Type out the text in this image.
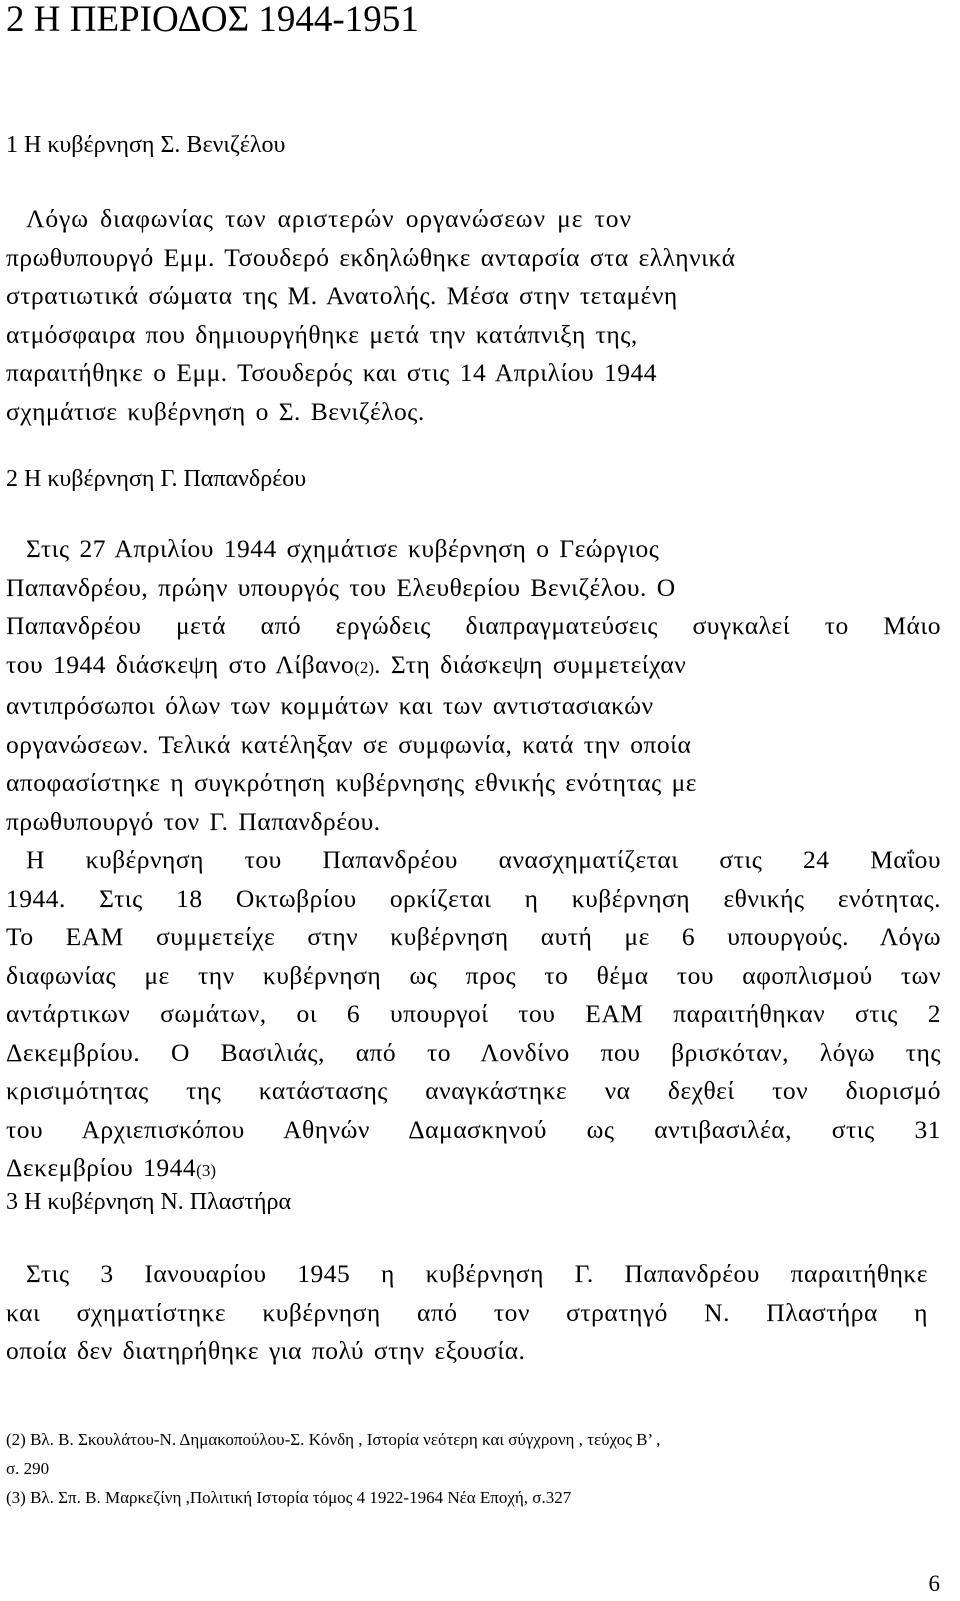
2 Η ΠΕΡΙΟΔΟΣ 1944-1951
1 Η κυβέρνηση Σ. Βενιζέλου
Λόγω διαφωνίας των αριστερών οργανώσεων με τον
πρωθυπουργό Εμμ. Τσουδερό εκδηλώθηκε ανταρσία στα ελληνικά
στρατιωτικά σώματα της Μ. Ανατολής. Μέσα στην τεταμένη
ατμόσφαιρα που δημιουργήθηκε μετά την κατάπνιξη της,
παραιτήθηκε ο Εμμ. Τσουδερός και στις 14 Απριλίου 1944
σχημάτισε κυβέρνηση ο Σ. Βενιζέλος.
2 Η κυβέρνηση Γ. Παπανδρέου
Στις 27 Απριλίου 1944 σχημάτισε κυβέρνηση ο Γεώργιος
Παπανδρέου, πρώην υπουργός του Ελευθερίου Βενιζέλου. Ο
Παπανδρέου μετά από εργώδεις διαπραγματεύσεις συγκαλεί το Μάιο
του 1944 διάσκεψη στο Λίβανο(2). Στη διάσκεψη συμμετείχαν
αντιπρόσωποι όλων των κομμάτων και των αντιστασιακών
οργανώσεων. Τελικά κατέληξαν σε συμφωνία, κατά την οποία
αποφασίστηκε η συγκρότηση κυβέρνησης εθνικής ενότητας με
πρωθυπουργό τον Γ. Παπανδρέου.
Η κυβέρνηση του Παπανδρέου ανασχηματίζεται στις 24 Μαΐου
1944. Στις 18 Οκτωβρίου ορκίζεται η κυβέρνηση εθνικής ενότητας.
Το ΕΑΜ συμμετείχε στην κυβέρνηση αυτή με 6 υπουργούς. Λόγω
διαφωνίας με την κυβέρνηση ως προς το θέμα του αφοπλισμού των
αντάρτικων σωμάτων, οι 6 υπουργοί του ΕΑΜ παραιτήθηκαν στις 2
Δεκεμβρίου. Ο Βασιλιάς, από το Λονδίνο που βρισκόταν, λόγω της
κρισιμότητας της κατάστασης αναγκάστηκε να δεχθεί τον διορισμό
του Αρχιεπισκόπου Αθηνών Δαμασκηνού ως αντιβασιλέα, στις 31
Δεκεμβρίου 1944(3)
3 Η κυβέρνηση Ν. Πλαστήρα
Στις 3 Ιανουαρίου 1945 η κυβέρνηση Γ. Παπανδρέου παραιτήθηκε
και σχηματίστηκε κυβέρνηση από τον στρατηγό Ν. Πλαστήρα η
οποία δεν διατηρήθηκε για πολύ στην εξουσία.
(2) Βλ. Β. Σκουλάτου-Ν. Δημακοπούλου-Σ. Κόνδη , Ιστορία νεότερη και σύγχρονη , τεύχος Β’ ,
σ. 290
(3) Βλ. Σπ. Β. Μαρκεζίνη ,Πολιτική Ιστορία τόμος 4 1922-1964 Νέα Εποχή, σ.327
6
